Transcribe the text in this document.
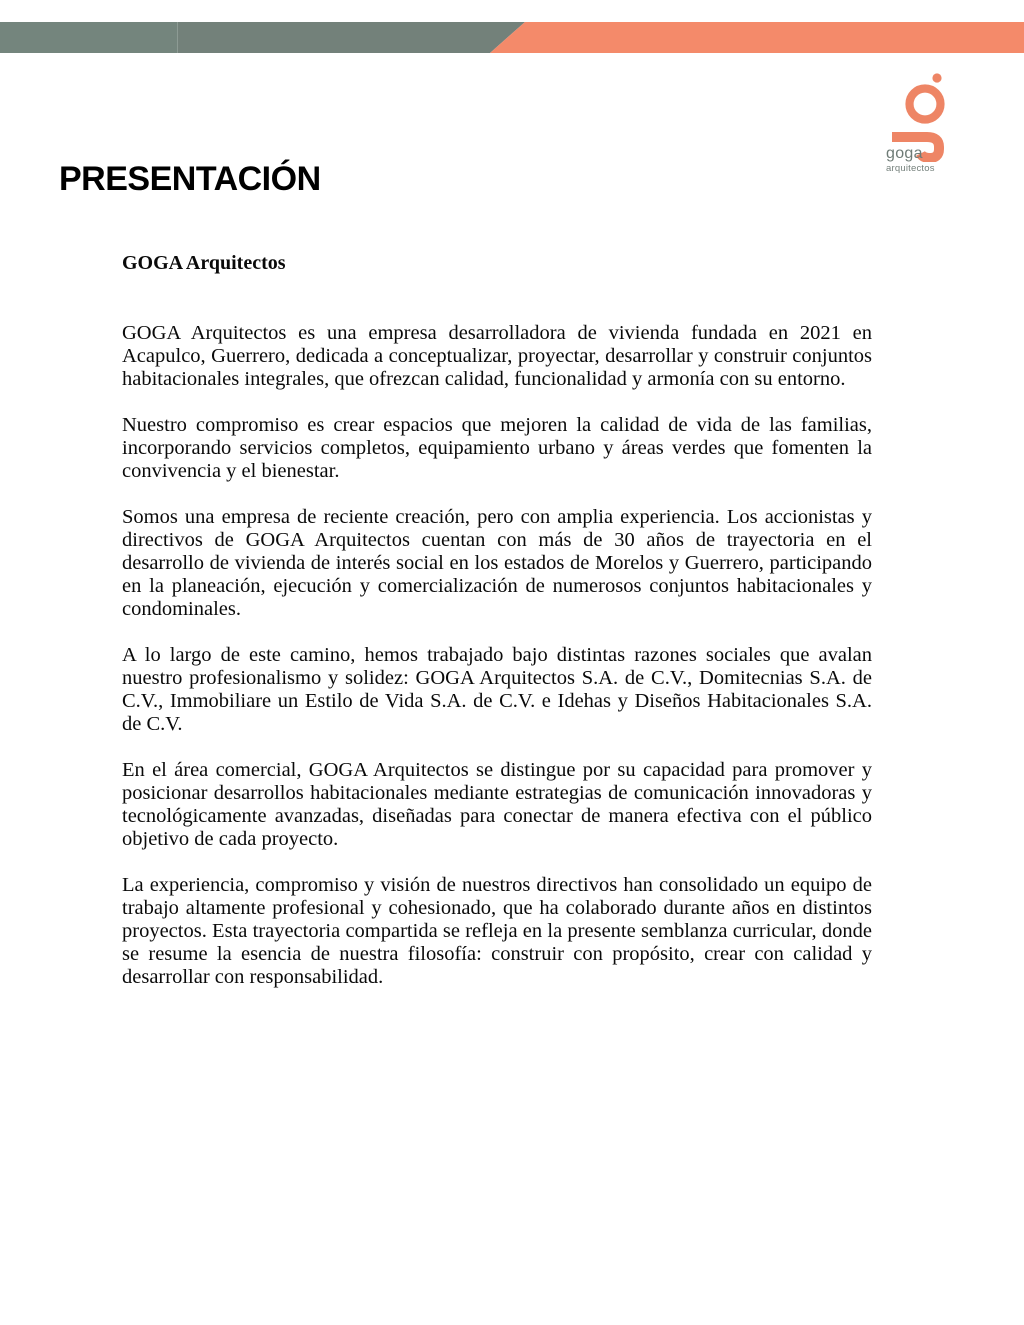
goga
arquitectos
PRESENTACIÓN
GOGA Arquitectos

GOGA Arquitectos es una empresa desarrolladora de vivienda fundada en 2021 en Acapulco, Guerrero, dedicada a conceptualizar, proyectar, desarrollar y construir conjuntos habitacionales integrales, que ofrezcan calidad, funcionalidad y armonía con su entorno.

Nuestro compromiso es crear espacios que mejoren la calidad de vida de las familias, incorporando servicios completos, equipamiento urbano y áreas verdes que fomenten la convivencia y el bienestar.

Somos una empresa de reciente creación, pero con amplia experiencia. Los accionistas y directivos de GOGA Arquitectos cuentan con más de 30 años de trayectoria en el desarrollo de vivienda de interés social en los estados de Morelos y Guerrero, participando en la planeación, ejecución y comercialización de numerosos conjuntos habitacionales y condominales.

A lo largo de este camino, hemos trabajado bajo distintas razones sociales que avalan nuestro profesionalismo y solidez: GOGA Arquitectos S.A. de C.V., Domitecnias S.A. de C.V., Immobiliare un Estilo de Vida S.A. de C.V. e Idehas y Diseños Habitacionales S.A. de C.V.

En el área comercial, GOGA Arquitectos se distingue por su capacidad para promover y posicionar desarrollos habitacionales mediante estrategias de comunicación innovadoras y tecnológicamente avanzadas, diseñadas para conectar de manera efectiva con el público objetivo de cada proyecto.

La experiencia, compromiso y visión de nuestros directivos han consolidado un equipo de trabajo altamente profesional y cohesionado, que ha colaborado durante años en distintos proyectos. Esta trayectoria compartida se refleja en la presente semblanza curricular, donde se resume la esencia de nuestra filosofía: construir con propósito, crear con calidad y desarrollar con responsabilidad.
